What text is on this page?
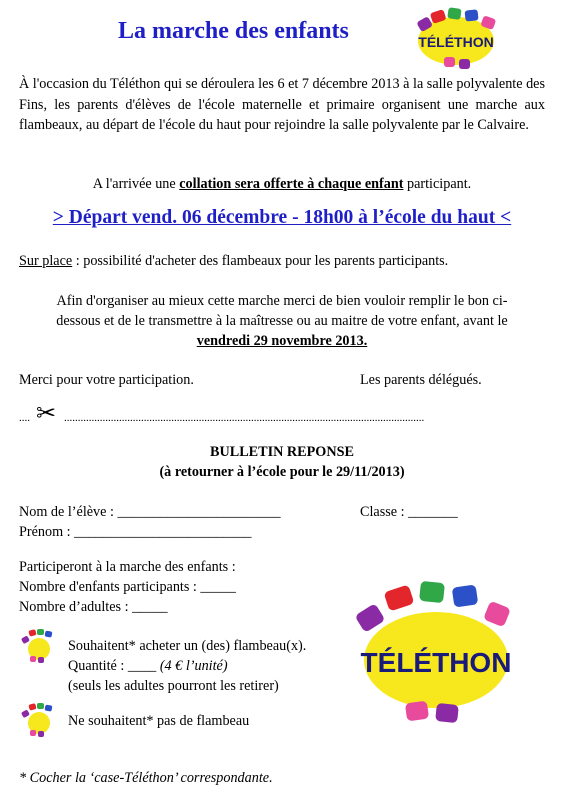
La marche des enfants	TÉLÉTHON
À l'occasion du Téléthon qui se déroulera les 6 et 7 décembre 2013 à la salle polyvalente des Fins, les parents d'élèves de l'école maternelle et primaire organisent une marche aux flambeaux, au départ de l'école du haut pour rejoindre la salle polyvalente par le Calvaire.
A l'arrivée une collation sera offerte à chaque enfant participant.
> Départ vend. 06 décembre - 18h00 à l’école du haut <
Sur place : possibilité d'acheter des flambeaux pour les parents participants.
Afin d'organiser au mieux cette marche merci de bien vouloir remplir le bon ci-
dessous et de le transmettre à la maîtresse ou au maitre de votre enfant, avant le
vendredi 29 novembre 2013.
Merci pour votre participation.	Les parents délégués.
.... ✂ ...................................................................................................................................
BULLETIN REPONSE
(à retourner à l’école pour le 29/11/2013)
Nom de l’élève : _______________________	Classe : _______
Prénom : _________________________
Participeront à la marche des enfants :
Nombre d'enfants participants : _____
Nombre d’adultes : _____
Souhaitent* acheter un (des) flambeau(x).
Quantité : ____ (4 € l’unité)
(seuls les adultes pourront les retirer)
Ne souhaitent* pas de flambeau
TÉLÉTHON
* Cocher la ‘case-Téléthon’ correspondante.
